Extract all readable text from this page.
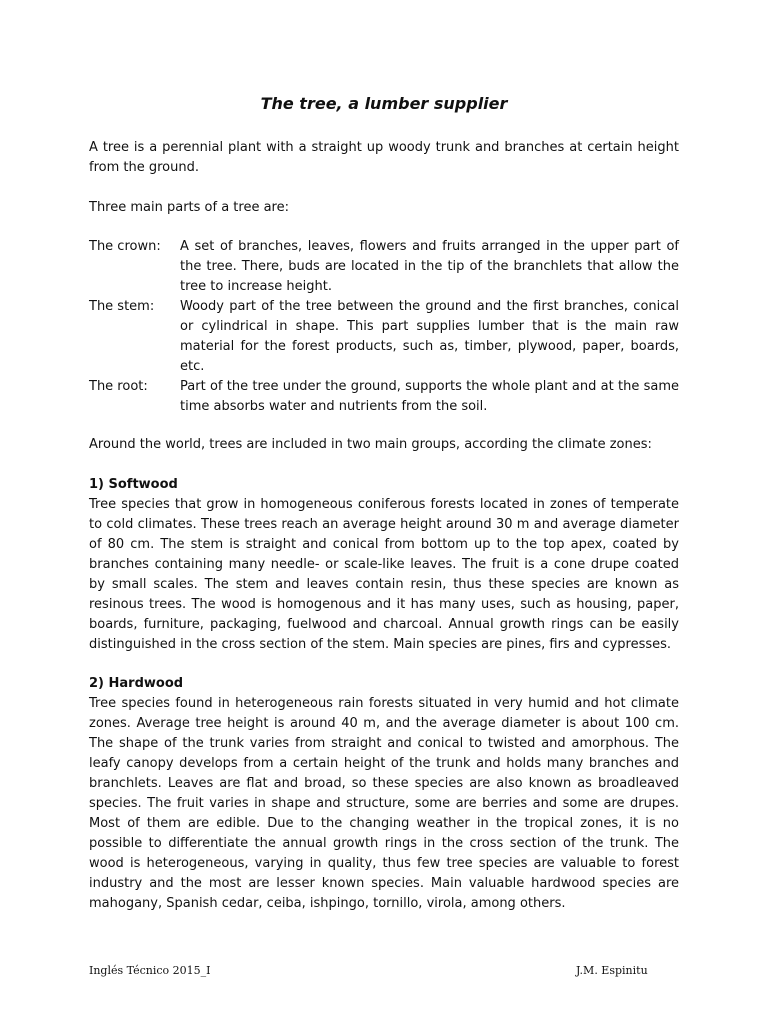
The tree, a lumber supplier

A tree is a perennial plant with a straight up woody trunk and branches at certain height from the ground.

Three main parts of a tree are:

The crown:	A set of branches, leaves, flowers and fruits arranged in the upper part of the tree. There, buds are located in the tip of the branchlets that allow the tree to increase height.
The stem:	Woody part of the tree between the ground and the first branches, conical or cylindrical in shape. This part supplies lumber that is the main raw material for the forest products, such as, timber, plywood, paper, boards, etc.
The root:	Part of the tree under the ground, supports the whole plant and at the same time absorbs water and nutrients from the soil.

Around the world, trees are included in two main groups, according the climate zones:

1) Softwood

Tree species that grow in homogeneous coniferous forests located in zones of temperate to cold climates. These trees reach an average height around 30 m and average diameter of 80 cm. The stem is straight and conical from bottom up to the top apex, coated by branches containing many needle- or scale-like leaves. The fruit is a cone drupe coated by small scales. The stem and leaves contain resin, thus these species are known as resinous trees. The wood is homogenous and it has many uses, such as housing, paper, boards, furniture, packaging, fuelwood and charcoal. Annual growth rings can be easily distinguished in the cross section of the stem. Main species are pines, firs and cypresses.

2) Hardwood

Tree species found in heterogeneous rain forests situated in very humid and hot climate zones. Average tree height is around 40 m, and the average diameter is about 100 cm. The shape of the trunk varies from straight and conical to twisted and amorphous. The leafy canopy develops from a certain height of the trunk and holds many branches and branchlets. Leaves are flat and broad, so these species are also known as broadleaved species. The fruit varies in shape and structure, some are berries and some are drupes. Most of them are edible. Due to the changing weather in the tropical zones, it is no possible to differentiate the annual growth rings in the cross section of the trunk. The wood is heterogeneous, varying in quality, thus few tree species are valuable to forest industry and the most are lesser known species. Main valuable hardwood species are mahogany, Spanish cedar, ceiba, ishpingo, tornillo, virola, among others.

Inglés Técnico 2015_I	J.M. Espinitu
